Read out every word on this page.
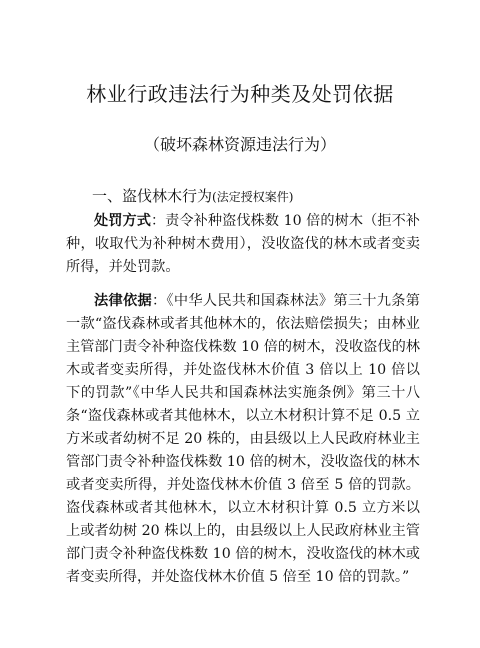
林业行政违法行为种类及处罚依据
（破坏森林资源违法行为）
一、盗伐林木行为(法定授权案件)

处罚方式：责令补种盗伐株数 10 倍的树木（拒不补种，收取代为补种树木费用），没收盗伐的林木或者变卖所得，并处罚款。

法律依据：《中华人民共和国森林法》第三十九条第一款“盗伐森林或者其他林木的，依法赔偿损失；由林业主管部门责令补种盗伐株数 10 倍的树木，没收盗伐的林木或者变卖所得，并处盗伐林木价值 3 倍以上 10 倍以下的罚款”《中华人民共和国森林法实施条例》第三十八条“盗伐森林或者其他林木，以立木材积计算不足 0.5 立方米或者幼树不足 20 株的，由县级以上人民政府林业主管部门责令补种盗伐株数 10 倍的树木，没收盗伐的林木或者变卖所得，并处盗伐林木价值 3 倍至 5 倍的罚款。盗伐森林或者其他林木，以立木材积计算 0.5 立方米以上或者幼树 20 株以上的，由县级以上人民政府林业主管部门责令补种盗伐株数 10 倍的树木，没收盗伐的林木或者变卖所得，并处盗伐林木价值 5 倍至 10 倍的罚款。”
